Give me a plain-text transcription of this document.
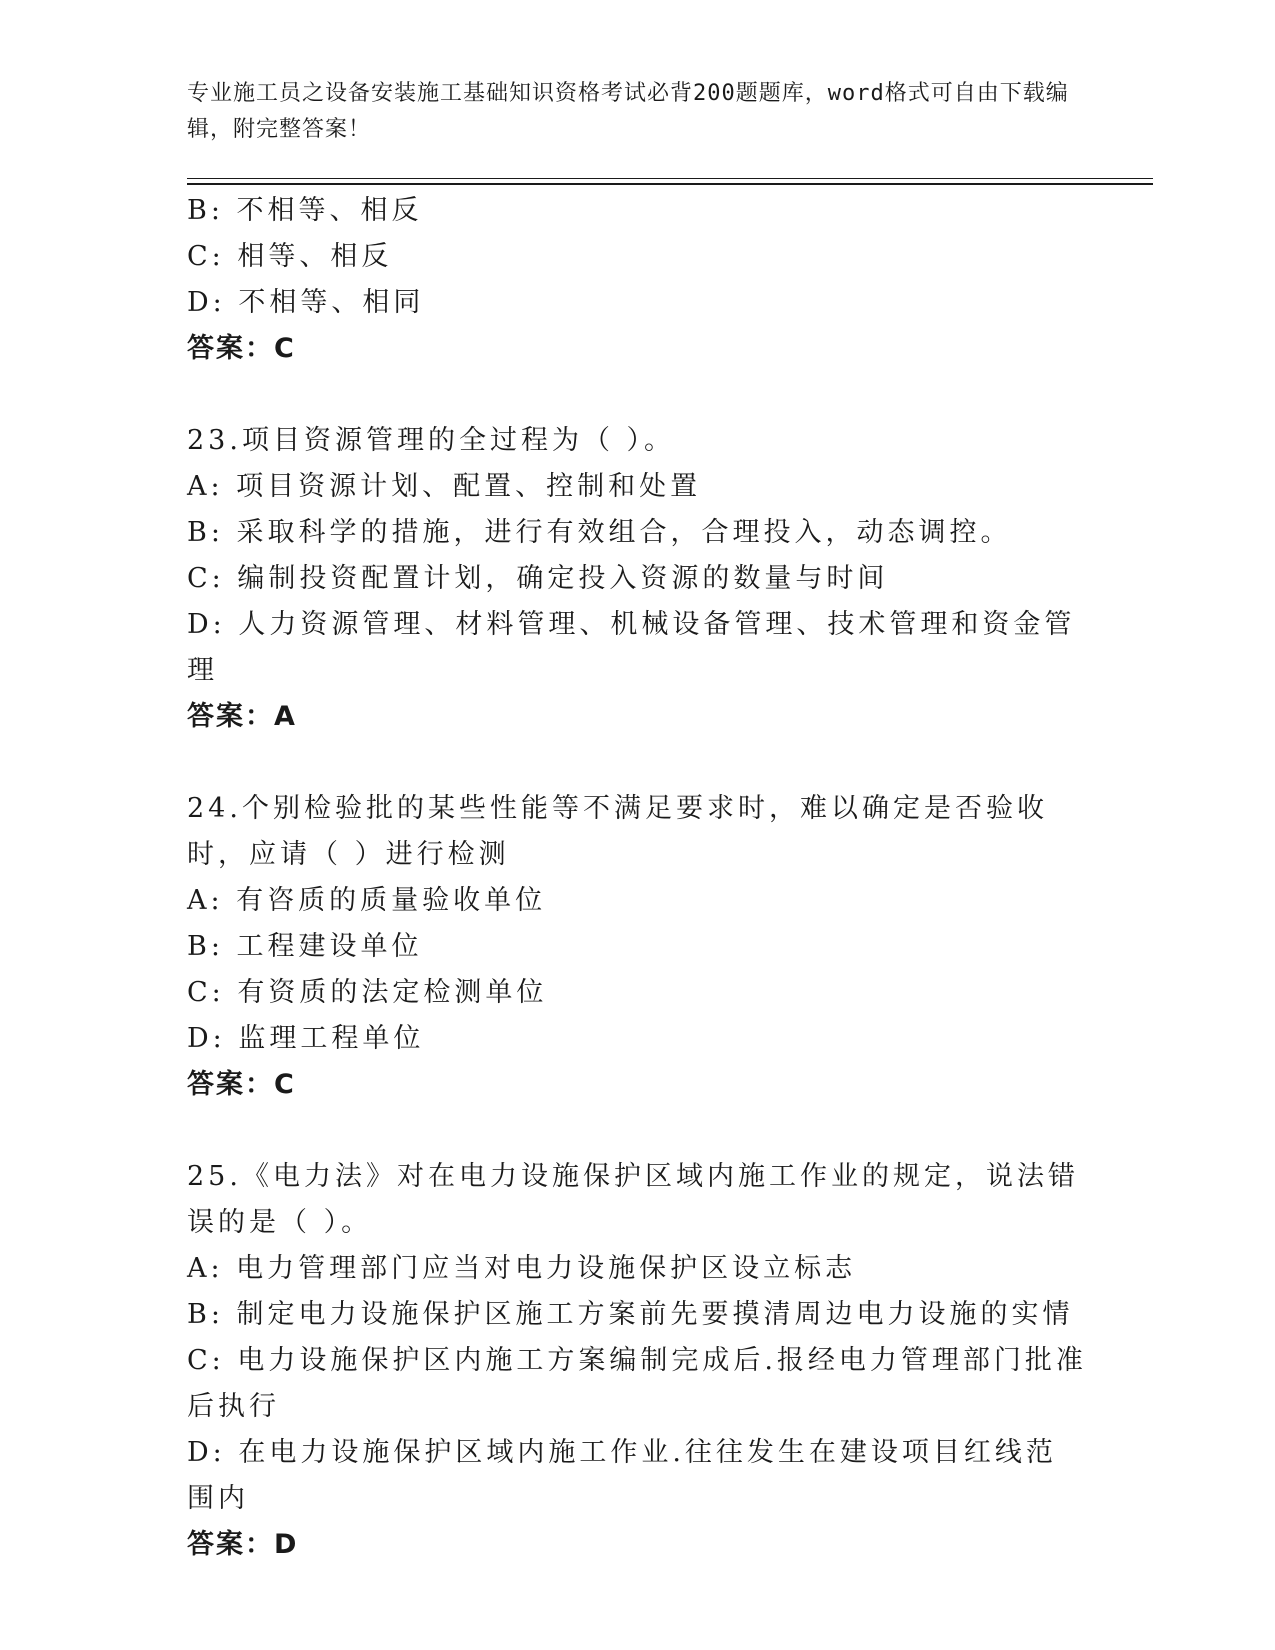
专业施工员之设备安装施工基础知识资格考试必背200题题库，word格式可自由下载编辑，附完整答案！
B: 不相等、相反
C: 相等、相反
D: 不相等、相同
答案：C
23.项目资源管理的全过程为（ ）。
A: 项目资源计划、配置、控制和处置
B: 采取科学的措施，进行有效组合，合理投入，动态调控。
C: 编制投资配置计划，确定投入资源的数量与时间
D: 人力资源管理、材料管理、机械设备管理、技术管理和资金管理
答案：A
24.个别检验批的某些性能等不满足要求时，难以确定是否验收时，应请（ ）进行检测
A: 有咨质的质量验收单位
B: 工程建设单位
C: 有资质的法定检测单位
D: 监理工程单位
答案：C
25.《电力法》对在电力设施保护区域内施工作业的规定，说法错误的是（ ）。
A: 电力管理部门应当对电力设施保护区设立标志
B: 制定电力设施保护区施工方案前先要摸清周边电力设施的实情
C: 电力设施保护区内施工方案编制完成后.报经电力管理部门批准后执行
D: 在电力设施保护区域内施工作业.往往发生在建设项目红线范围内
答案：D
